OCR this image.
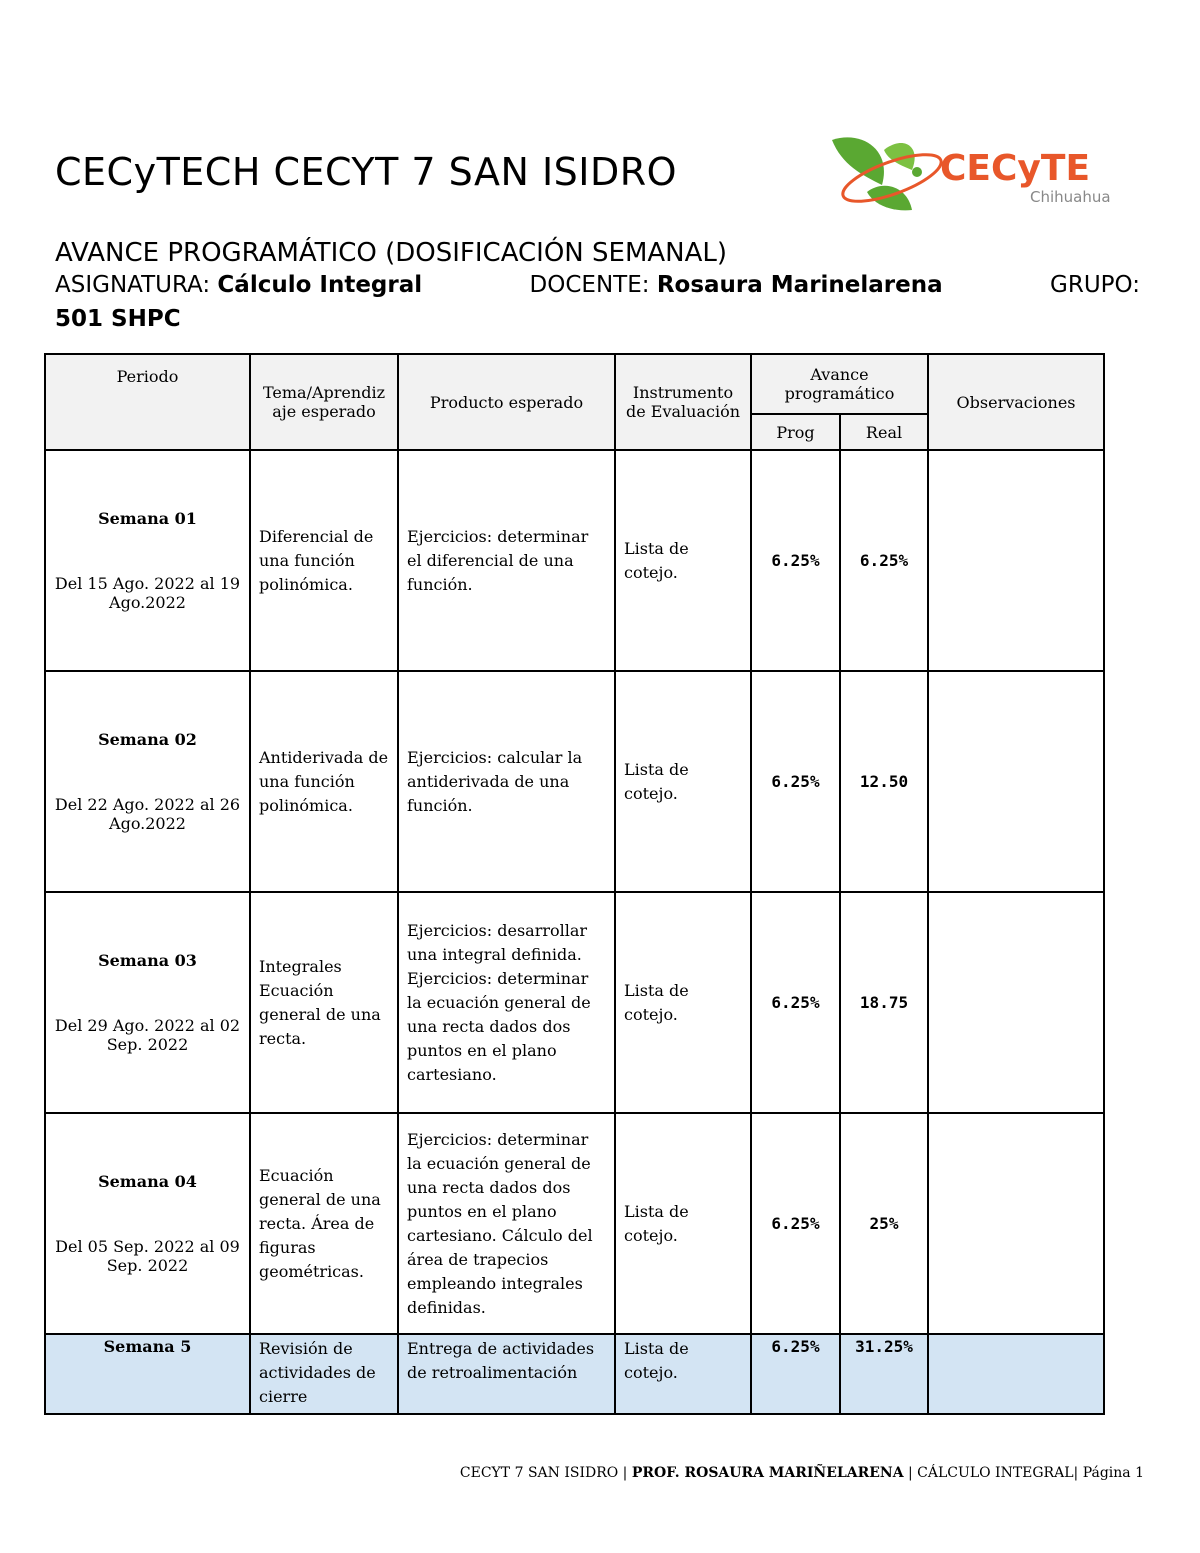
CECyTECH CECYT 7 SAN ISIDRO	CECyTE
Chihuahua
AVANCE PROGRAMÁTICO (DOSIFICACIÓN SEMANAL)
ASIGNATURA: Cálculo Integral	DOCENTE: Rosaura Marinelarena	GRUPO:
501 SHPC
Periodo	Tema/Aprendiz aje esperado	Producto esperado	Instrumento de Evaluación	Avance programático		Observaciones
				Prog	Real	

Semana 01
Del 15 Ago. 2022 al 19 Ago.2022	Diferencial de una función polinómica.	Ejercicios: determinar el diferencial de una función.	Lista de cotejo.	6.25%	6.25%	

Semana 02
Del 22 Ago. 2022 al 26 Ago.2022	Antiderivada de una función polinómica.	Ejercicios: calcular la antiderivada de una función.	Lista de cotejo.	6.25%	12.50	

Semana 03
Del 29 Ago. 2022 al 02 Sep. 2022	Integrales Ecuación general de una recta.	Ejercicios: desarrollar una integral definida. Ejercicios: determinar la ecuación general de una recta dados dos puntos en el plano cartesiano.	Lista de cotejo.	6.25%	18.75	

Semana 04
Del 05 Sep. 2022 al 09 Sep. 2022	Ecuación general de una recta. Área de figuras geométricas.	Ejercicios: determinar la ecuación general de una recta dados dos puntos en el plano cartesiano. Cálculo del área de trapecios empleando integrales definidas.	Lista de cotejo.	6.25%	25%	

Semana 5	Revisión de actividades de cierre	Entrega de actividades de retroalimentación	Lista de cotejo.	6.25%	31.25%	
CECYT 7 SAN ISIDRO | PROF. ROSAURA MARIÑELARENA | CÁLCULO INTEGRAL| Página 1
